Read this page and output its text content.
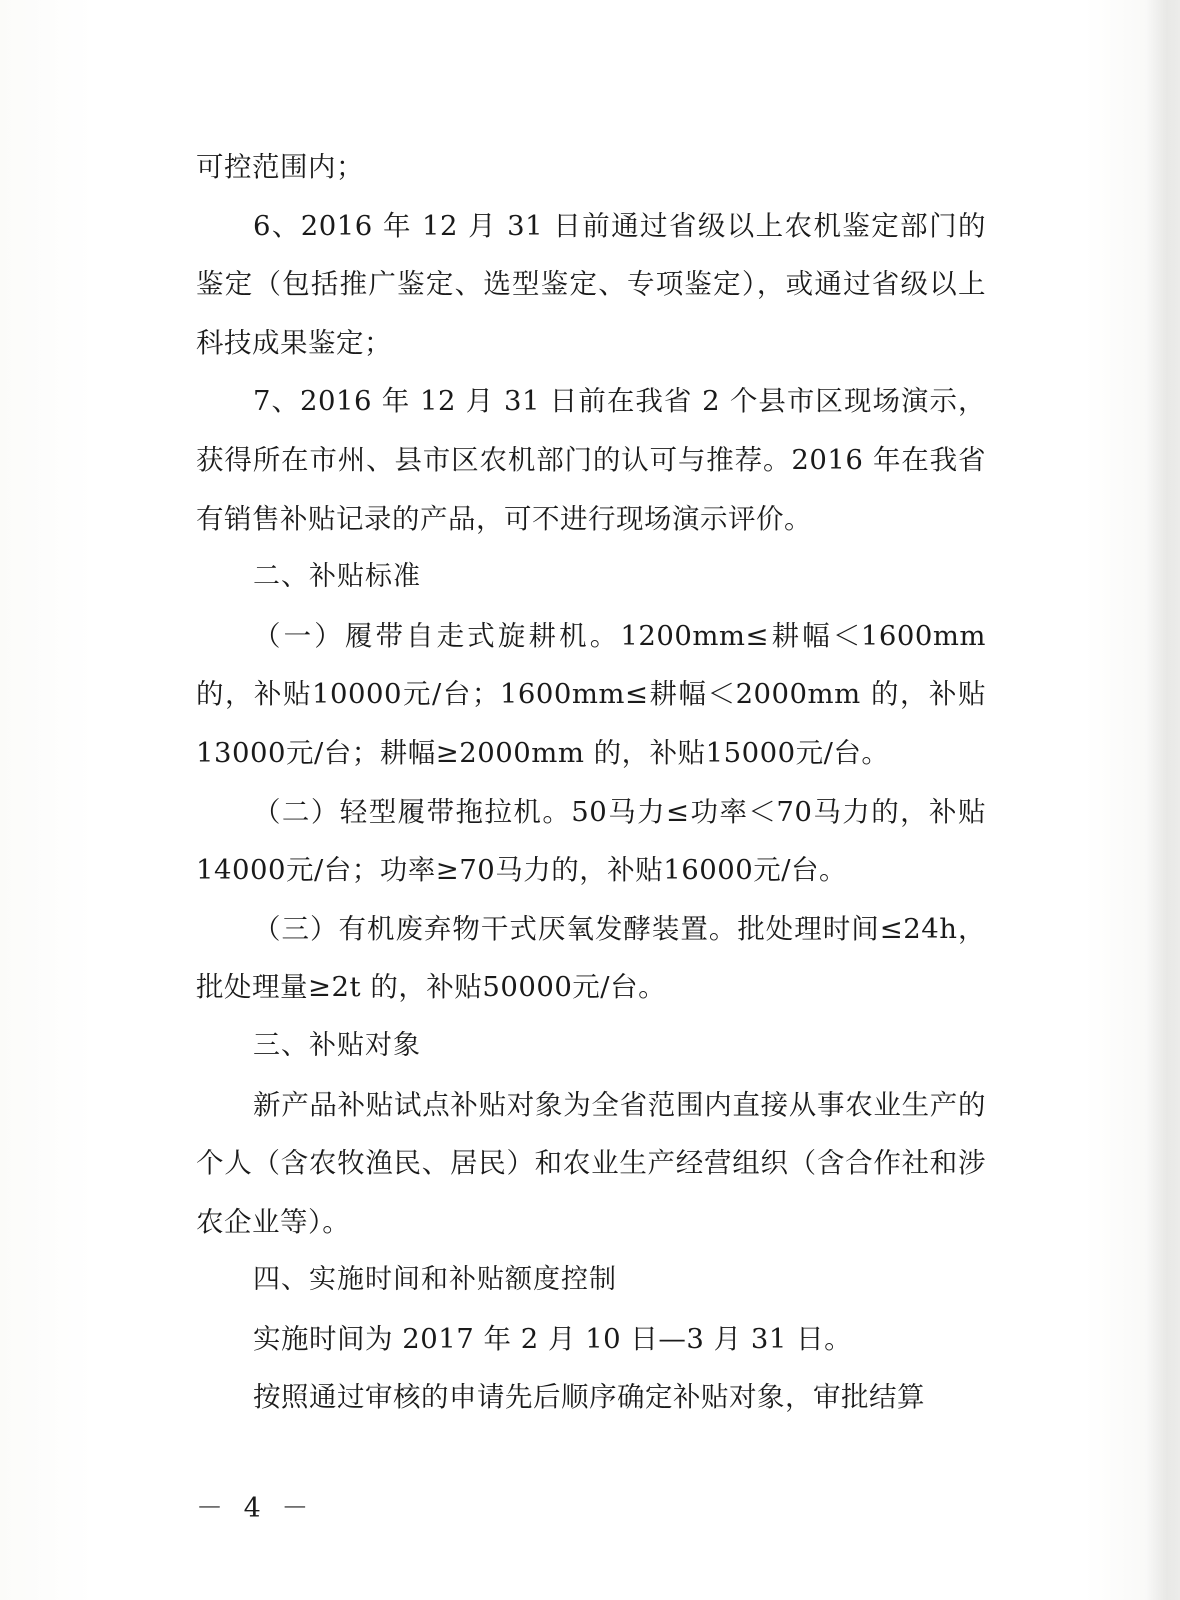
可控范围内；

6、2016 年 12 月 31 日前通过省级以上农机鉴定部门的鉴定（包括推广鉴定、选型鉴定、专项鉴定），或通过省级以上科技成果鉴定；

7、2016 年 12 月 31 日前在我省 2 个县市区现场演示，获得所在市州、县市区农机部门的认可与推荐。2016 年在我省有销售补贴记录的产品，可不进行现场演示评价。

二、补贴标准

（一）履带自走式旋耕机。1200mm≤耕幅＜1600mm 的，补贴10000元/台；1600mm≤耕幅＜2000mm 的，补贴13000元/台；耕幅≥2000mm 的，补贴15000元/台。

（二）轻型履带拖拉机。50马力≤功率＜70马力的，补贴14000元/台；功率≥70马力的，补贴16000元/台。

（三）有机废弃物干式厌氧发酵装置。批处理时间≤24h，批处理量≥2t 的，补贴50000元/台。

三、补贴对象

新产品补贴试点补贴对象为全省范围内直接从事农业生产的个人（含农牧渔民、居民）和农业生产经营组织（含合作社和涉农企业等）。

四、实施时间和补贴额度控制

实施时间为 2017 年 2 月 10 日—3 月 31 日。

按照通过审核的申请先后顺序确定补贴对象，审批结算

－ 4 －
